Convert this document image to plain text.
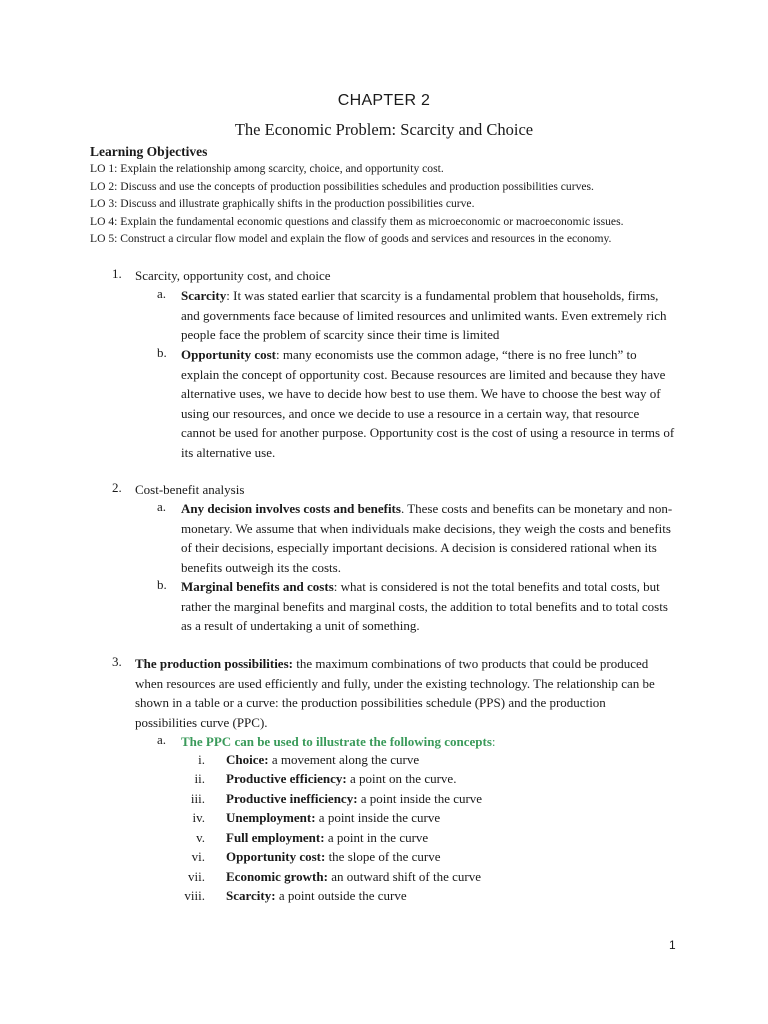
CHAPTER 2
The Economic Problem: Scarcity and Choice
Learning Objectives
LO 1: Explain the relationship among scarcity, choice, and opportunity cost.
LO 2: Discuss and use the concepts of production possibilities schedules and production possibilities curves.
LO 3: Discuss and illustrate graphically shifts in the production possibilities curve.
LO 4: Explain the fundamental economic questions and classify them as microeconomic or macroeconomic issues.
LO 5: Construct a circular flow model and explain the flow of goods and services and resources in the economy.
1. Scarcity, opportunity cost, and choice
a. Scarcity: It was stated earlier that scarcity is a fundamental problem that households, firms, and governments face because of limited resources and unlimited wants. Even extremely rich people face the problem of scarcity since their time is limited
b. Opportunity cost: many economists use the common adage, “there is no free lunch” to explain the concept of opportunity cost. Because resources are limited and because they have alternative uses, we have to decide how best to use them. We have to choose the best way of using our resources, and once we decide to use a resource in a certain way, that resource cannot be used for another purpose. Opportunity cost is the cost of using a resource in terms of its alternative use.
2. Cost-benefit analysis
a. Any decision involves costs and benefits. These costs and benefits can be monetary and non-monetary. We assume that when individuals make decisions, they weigh the costs and benefits of their decisions, especially important decisions. A decision is considered rational when its benefits outweigh its the costs.
b. Marginal benefits and costs: what is considered is not the total benefits and total costs, but rather the marginal benefits and marginal costs, the addition to total benefits and to total costs as a result of undertaking a unit of something.
3. The production possibilities: the maximum combinations of two products that could be produced when resources are used efficiently and fully, under the existing technology. The relationship can be shown in a table or a curve: the production possibilities schedule (PPS) and the production possibilities curve (PPC).
a. The PPC can be used to illustrate the following concepts:
i. Choice: a movement along the curve
ii. Productive efficiency: a point on the curve.
iii. Productive inefficiency: a point inside the curve
iv. Unemployment: a point inside the curve
v. Full employment: a point in the curve
vi. Opportunity cost: the slope of the curve
vii. Economic growth: an outward shift of the curve
viii. Scarcity: a point outside the curve
1
